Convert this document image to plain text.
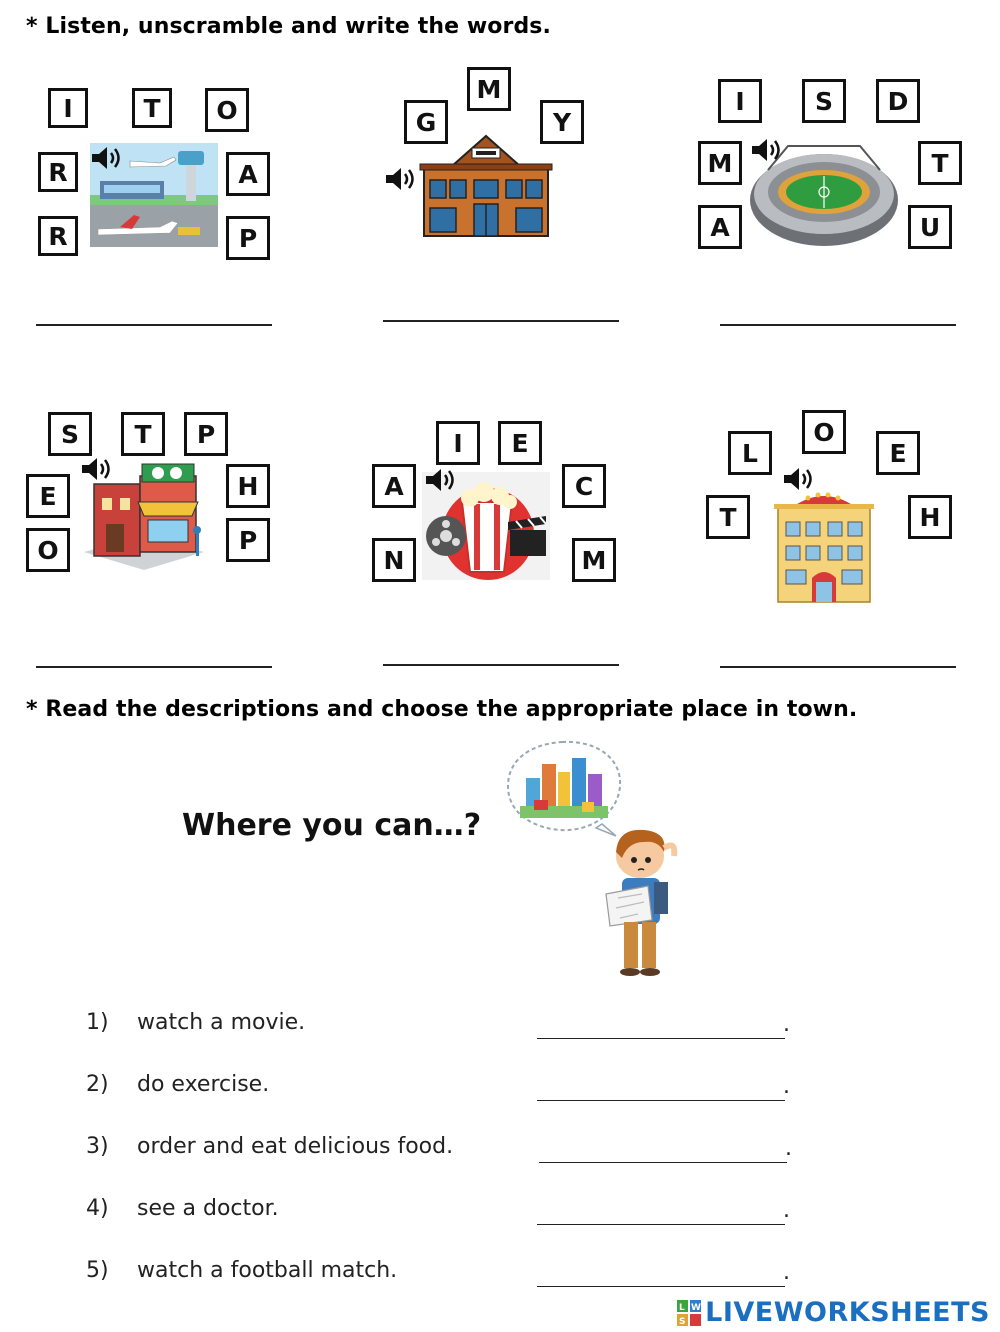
* Listen, unscramble and write the words.
I	T	O
R	A
R	P
M
G	Y
I	S	D
M	T
A	U
S	T	P
E	H
O	P
I	E
A	C
N	M
O
L	E
T	H
* Read the descriptions and choose the appropriate place in town.
Where you can…?
1) watch a movie.	.
2) do exercise.	.
3) order and eat delicious food.	.
4) see a doctor.	.
5) watch a football match.	.
L W
S LIVEWORKSHEETS
